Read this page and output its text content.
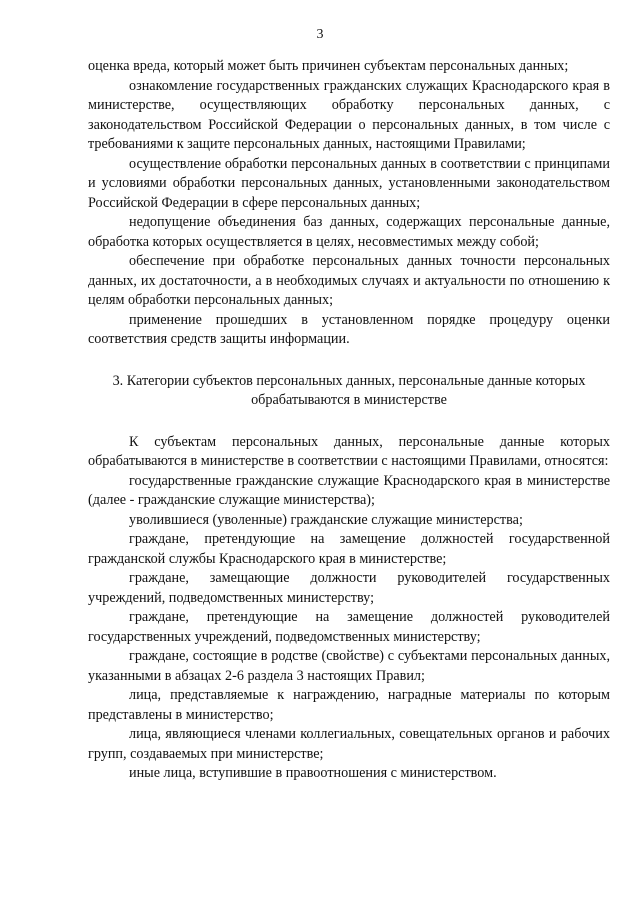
3

оценка вреда, который может быть причинен субъектам персональных данных;

ознакомление государственных гражданских служащих Краснодарского края в министерстве, осуществляющих обработку персональных данных, с законодательством Российской Федерации о персональных данных, в том числе с требованиями к защите персональных данных, настоящими Правилами;

осуществление обработки персональных данных в соответствии с принципами и условиями обработки персональных данных, установленными законодательством Российской Федерации в сфере персональных данных;

недопущение объединения баз данных, содержащих персональные данные, обработка которых осуществляется в целях, несовместимых между собой;

обеспечение при обработке персональных данных точности персональных данных, их достаточности, а в необходимых случаях и актуальности по отношению к целям обработки персональных данных;

применение прошедших в установленном порядке процедуру оценки соответствия средств защиты информации.

3. Категории субъектов персональных данных, персональные данные которых обрабатываются в министерстве

К субъектам персональных данных, персональные данные которых обрабатываются в министерстве в соответствии с настоящими Правилами, относятся:

государственные гражданские служащие Краснодарского края в министерстве (далее - гражданские служащие министерства);

уволившиеся (уволенные) гражданские служащие министерства;

граждане, претендующие на замещение должностей государственной гражданской службы Краснодарского края в министерстве;

граждане, замещающие должности руководителей государственных учреждений, подведомственных министерству;

граждане, претендующие на замещение должностей руководителей государственных учреждений, подведомственных министерству;

граждане, состоящие в родстве (свойстве) с субъектами персональных данных, указанными в абзацах 2-6 раздела 3 настоящих Правил;

лица, представляемые к награждению, наградные материалы по которым представлены в министерство;

лица, являющиеся членами коллегиальных, совещательных органов и рабочих групп, создаваемых при министерстве;

иные лица, вступившие в правоотношения с министерством.
